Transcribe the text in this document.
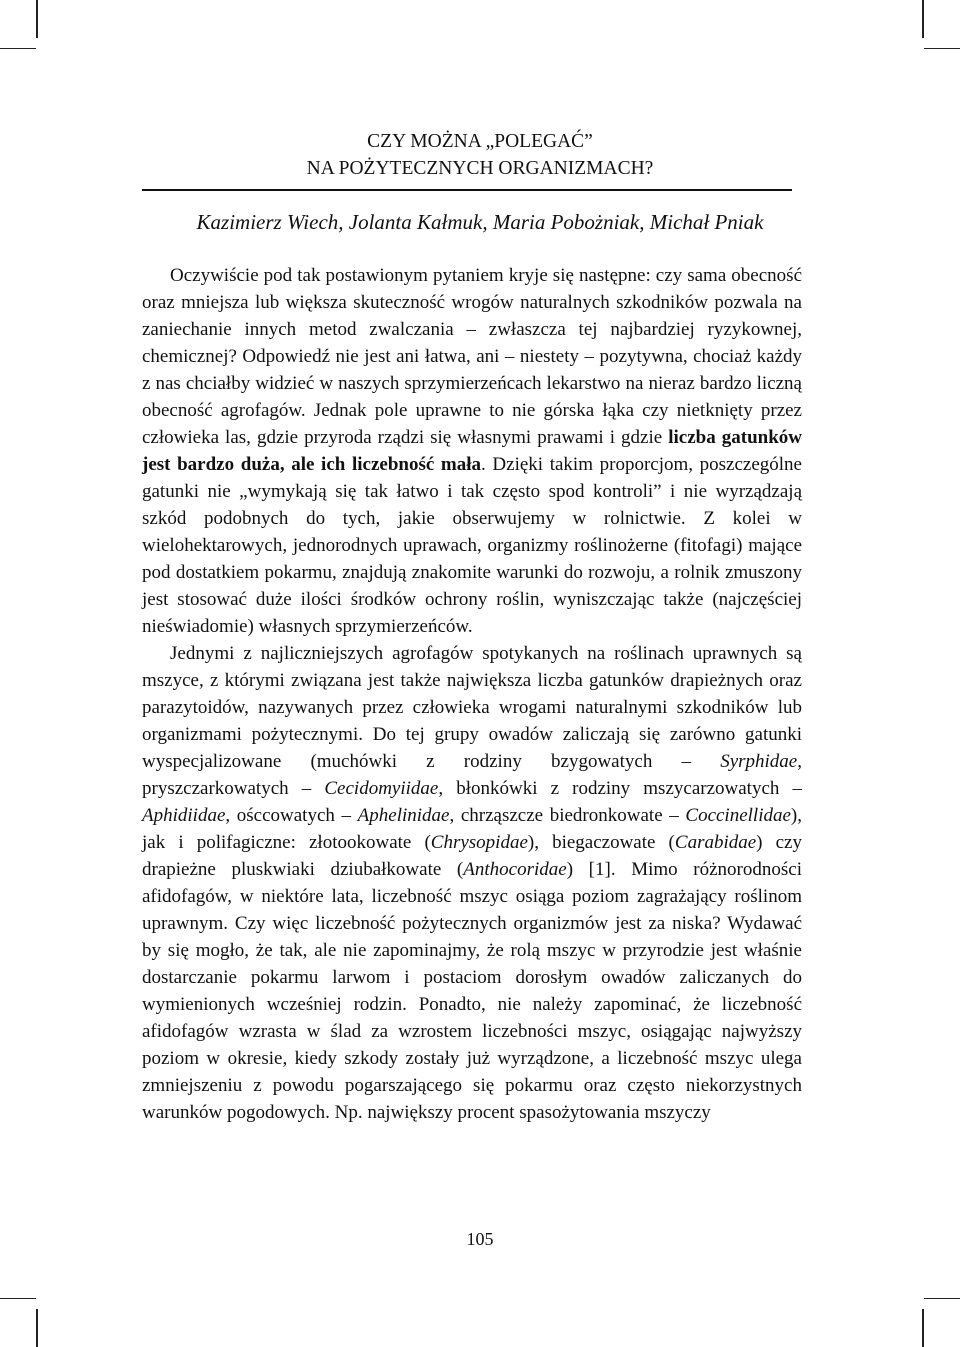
CZY MOŻNA „POLEGAĆ”
NA POŻYTECZNYCH ORGANIZMACH?
Kazimierz Wiech, Jolanta Kałmuk, Maria Pobożniak, Michał Pniak

Oczywiście pod tak postawionym pytaniem kryje się następne: czy sama obecność oraz mniejsza lub większa skuteczność wrogów naturalnych szkodników pozwala na zaniechanie innych metod zwalczania – zwłaszcza tej najbardziej ryzykownej, chemicznej? Odpowiedź nie jest ani łatwa, ani – niestety – pozytywna, chociaż każdy z nas chciałby widzieć w naszych sprzymierzeńcach lekarstwo na nieraz bardzo liczną obecność agrofagów. Jednak pole uprawne to nie górska łąka czy nietknięty przez człowieka las, gdzie przyroda rządzi się własnymi prawami i gdzie liczba gatunków jest bardzo duża, ale ich liczebność mała. Dzięki takim proporcjom, poszczególne gatunki nie „wymykają się tak łatwo i tak często spod kontroli” i nie wyrządzają szkód podobnych do tych, jakie obserwujemy w rolnictwie. Z kolei w wielohektarowych, jednorodnych uprawach, organizmy roślinożerne (fitofagi) mające pod dostatkiem pokarmu, znajdują znakomite warunki do rozwoju, a rolnik zmuszony jest stosować duże ilości środków ochrony roślin, wyniszczając także (najczęściej nieświadomie) własnych sprzymierzeńców.

Jednymi z najliczniejszych agrofagów spotykanych na roślinach uprawnych są mszyce, z którymi związana jest także największa liczba gatunków drapieżnych oraz parazytoidów, nazywanych przez człowieka wrogami naturalnymi szkodników lub organizmami pożytecznymi. Do tej grupy owadów zaliczają się zarówno gatunki wyspecjalizowane (muchówki z rodziny bzygowatych – Syrphidae, pryszczarkowatych – Cecidomyiidae, błonkówki z rodziny mszycarzowatych – Aphidiidae, ośccowatych – Aphelinidae, chrząszcze biedronkowate – Coccinellidae), jak i polifagiczne: złotookowate (Chrysopidae), biegaczowate (Carabidae) czy drapieżne pluskwiaki dziubałkowate (Anthocoridae) [1]. Mimo różnorodności afidofagów, w niektóre lata, liczebność mszyc osiąga poziom zagrażający roślinom uprawnym. Czy więc liczebność pożytecznych organizmów jest za niska? Wydawać by się mogło, że tak, ale nie zapominajmy, że rolą mszyc w przyrodzie jest właśnie dostarczanie pokarmu larwom i postaciom dorosłym owadów zaliczanych do wymienionych wcześniej rodzin. Ponadto, nie należy zapominać, że liczebność afidofagów wzrasta w ślad za wzrostem liczebności mszyc, osiągając najwyższy poziom w okresie, kiedy szkody zostały już wyrządzone, a liczebność mszyc ulega zmniejszeniu z powodu pogarszającego się pokarmu oraz często niekorzystnych warunków pogodowych. Np. największy procent spasożytowania mszyczy

105
